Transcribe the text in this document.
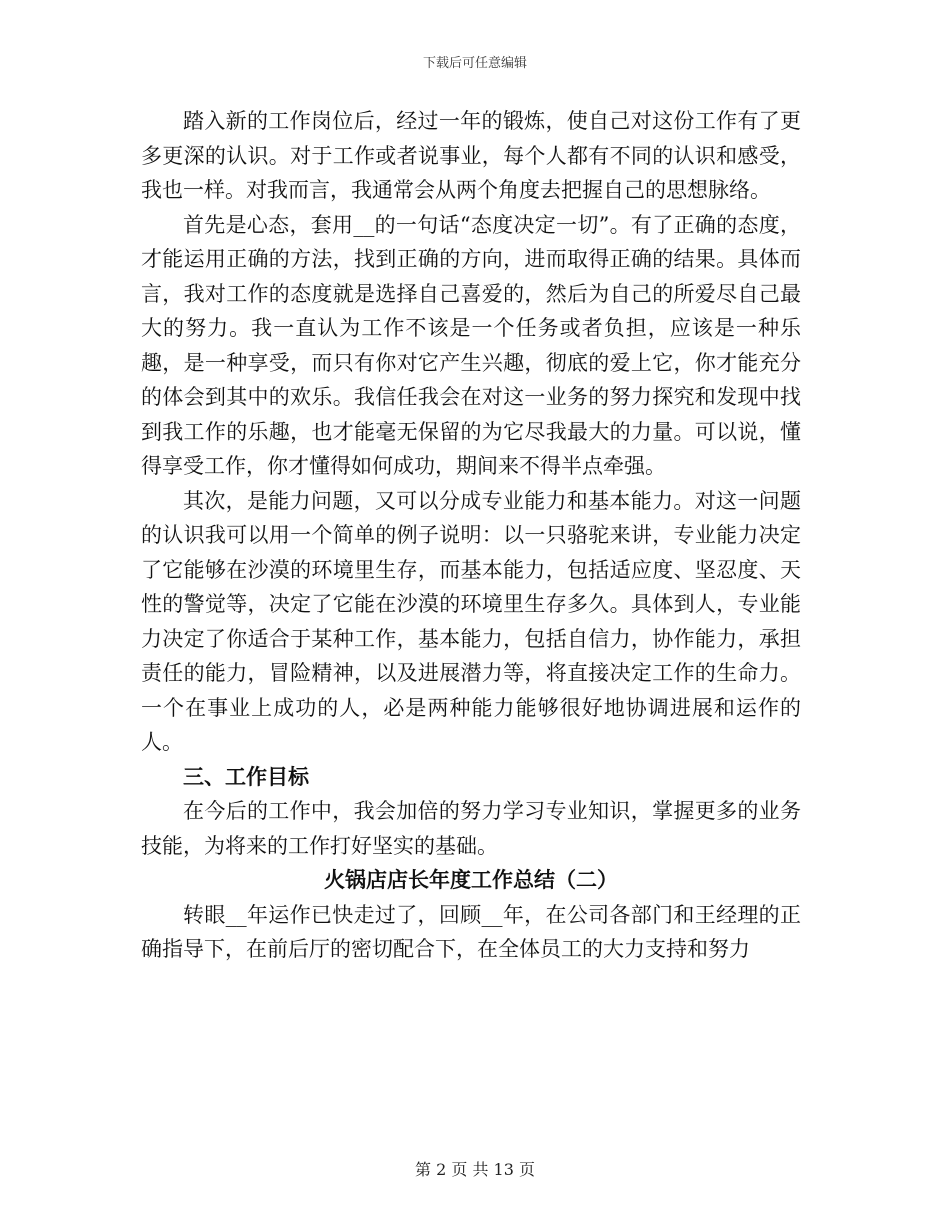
下载后可任意编辑

踏入新的工作岗位后，经过一年的锻炼，使自己对这份工作有了更多更深的认识。对于工作或者说事业，每个人都有不同的认识和感受，我也一样。对我而言，我通常会从两个角度去把握自己的思想脉络。

首先是心态，套用__的一句话“态度决定一切”。有了正确的态度，才能运用正确的方法，找到正确的方向，进而取得正确的结果。具体而言，我对工作的态度就是选择自己喜爱的，然后为自己的所爱尽自己最大的努力。我一直认为工作不该是一个任务或者负担，应该是一种乐趣，是一种享受，而只有你对它产生兴趣，彻底的爱上它，你才能充分的体会到其中的欢乐。我信任我会在对这一业务的努力探究和发现中找到我工作的乐趣，也才能毫无保留的为它尽我最大的力量。可以说，懂得享受工作，你才懂得如何成功，期间来不得半点牵强。

其次，是能力问题，又可以分成专业能力和基本能力。对这一问题的认识我可以用一个简单的例子说明：以一只骆驼来讲，专业能力决定了它能够在沙漠的环境里生存，而基本能力，包括适应度、坚忍度、天性的警觉等，决定了它能在沙漠的环境里生存多久。具体到人，专业能力决定了你适合于某种工作，基本能力，包括自信力，协作能力，承担责任的能力，冒险精神，以及进展潜力等，将直接决定工作的生命力。一个在事业上成功的人，必是两种能力能够很好地协调进展和运作的人。

三、工作目标

在今后的工作中，我会加倍的努力学习专业知识，掌握更多的业务技能，为将来的工作打好坚实的基础。

火锅店店长年度工作总结（二）

转眼__年运作已快走过了，回顾__年，在公司各部门和王经理的正确指导下，在前后厅的密切配合下，在全体员工的大力支持和努力

第 2 页 共 13 页
